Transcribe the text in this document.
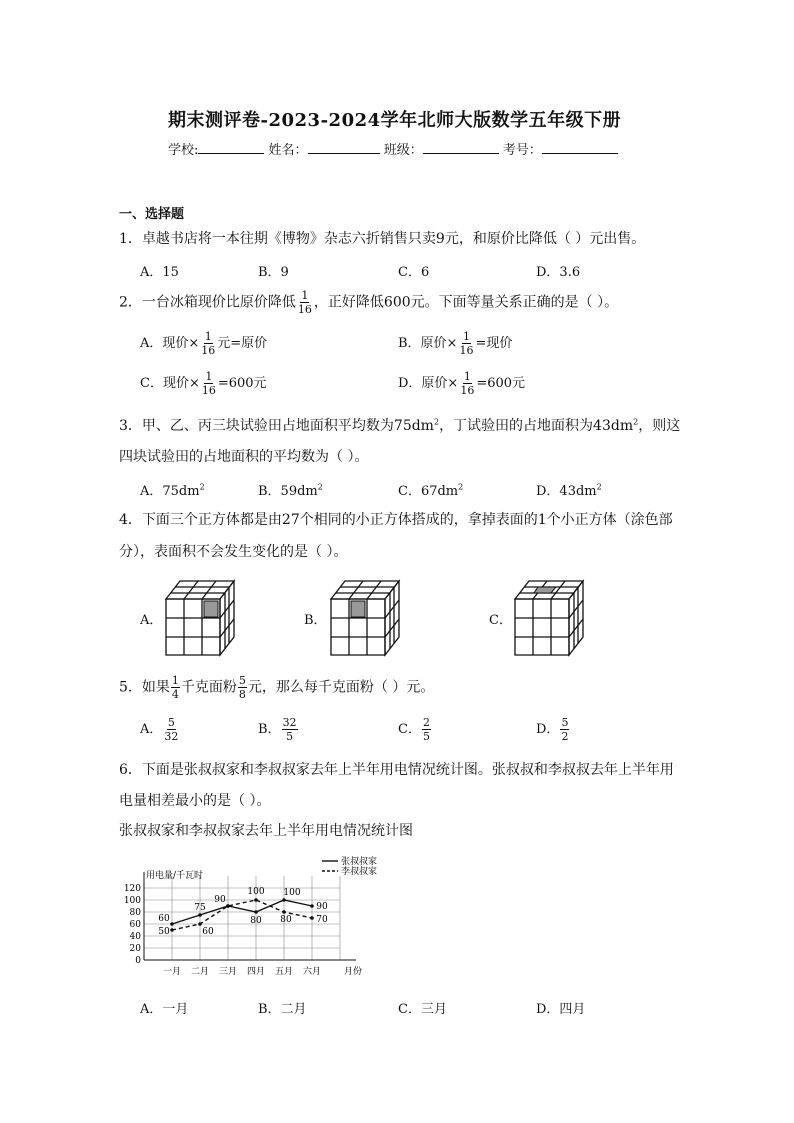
期末测评卷-2023-2024学年北师大版数学五年级下册
学校:	姓名：	班级：	考号：
一、选择题
1．卓越书店将一本往期《博物》杂志六折销售只卖9元，和原价比降低（ ）元出售。
A．15	B．9	C．6	D．3.6
2．一台冰箱现价比原价降低 $\frac{1}{16}$ ，正好降低600元。下面等量关系正确的是（ ）。
A．现价× $\frac{1}{16}$ 元=原价	B．原价× $\frac{1}{16}$ =现价
C．现价× $\frac{1}{16} =600$元	D．原价× $\frac{1}{16} =600$元
3．甲、乙、丙三块试验田占地面积平均数为$75dm^2$，丁试验田的占地面积为$43dm^2$，则这
四块试验田的占地面积的平均数为（ ）。
A．$75dm^2$	B．$59dm^2$	C．$67dm^2$	D．$43dm^2$
4．下面三个正方体都是由27个相同的小正方体搭成的，拿掉表面的1个小正方体（涂色部
分），表面积不会发生变化的是（ ）。
A．	B．	C．
5．如果 $\frac{1}{4}$ 千克面粉 $\frac{5}{8}$ 元，那么每千克面粉（ ）元。
A． $\frac{5}{32}$	B． $\frac{32}{5}$	C． $\frac{2}{5}$	D． $\frac{5}{2}$
6．下面是张叔叔家和李叔叔家去年上半年用电情况统计图。张叔叔和李叔叔去年上半年用
电量相差最小的是（ ）。
张叔叔家和李叔叔家去年上半年用电情况统计图
0
20
40
60
80
100
120
用电量/千瓦时
月份
一月 二月 三月 四月 五月 六月
60
75
90
80
100
90
50	60
100
80	70
张叔叔家
李叔叔家
A．一月	B．二月	C．三月	D．四月
